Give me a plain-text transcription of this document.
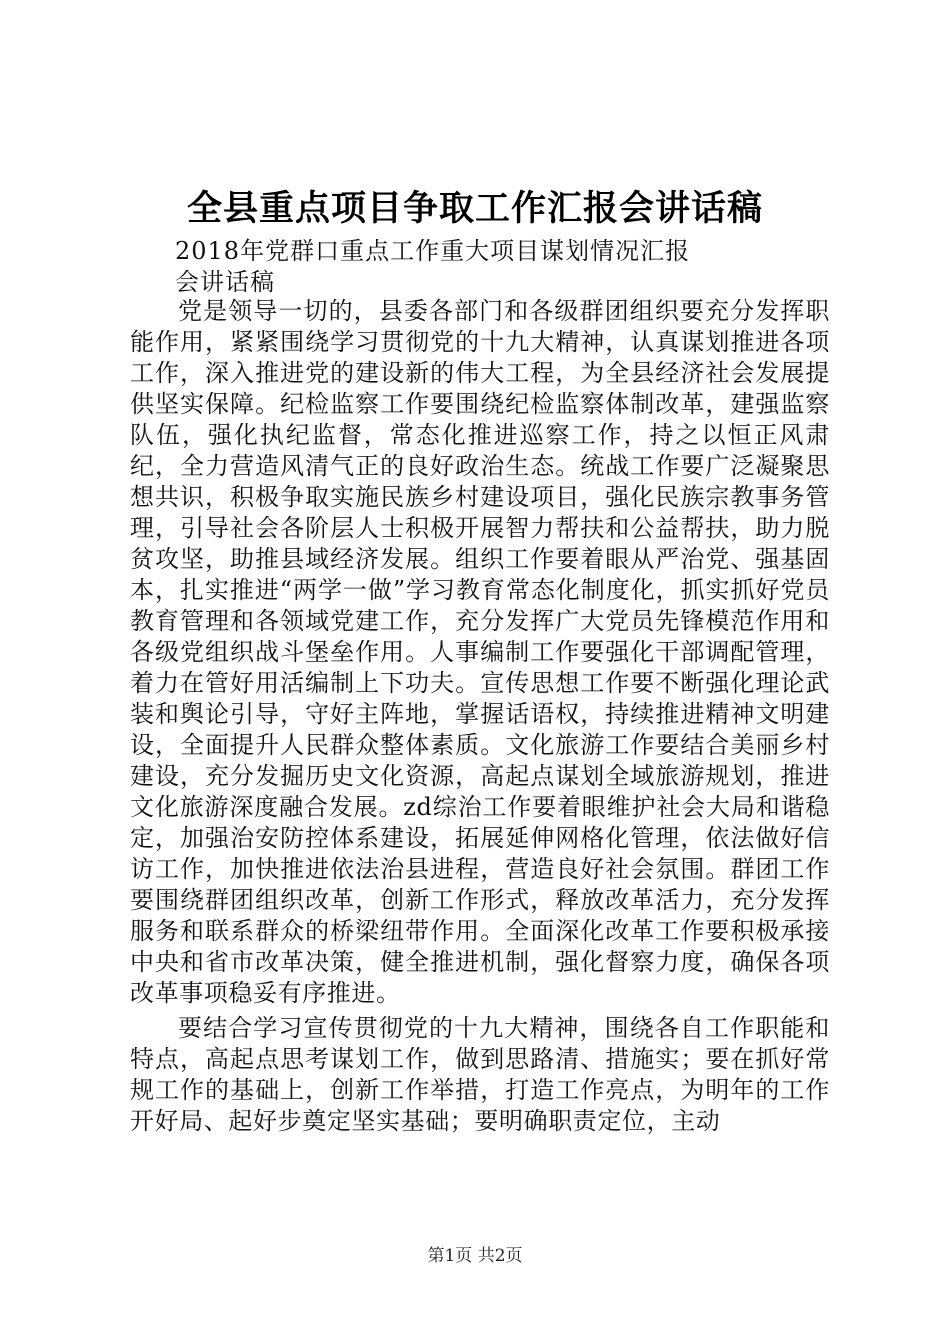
全县重点项目争取工作汇报会讲话稿
2018年党群口重点工作重大项目谋划情况汇报会讲话稿

党是领导一切的，县委各部门和各级群团组织要充分发挥职能作用，紧紧围绕学习贯彻党的十九大精神，认真谋划推进各项工作，深入推进党的建设新的伟大工程，为全县经济社会发展提供坚实保障。纪检监察工作要围绕纪检监察体制改革，建强监察队伍，强化执纪监督，常态化推进巡察工作，持之以恒正风肃纪，全力营造风清气正的良好政治生态。统战工作要广泛凝聚思想共识，积极争取实施民族乡村建设项目，强化民族宗教事务管理，引导社会各阶层人士积极开展智力帮扶和公益帮扶，助力脱贫攻坚，助推县域经济发展。组织工作要着眼从严治党、强基固本，扎实推进“两学一做”学习教育常态化制度化，抓实抓好党员教育管理和各领域党建工作，充分发挥广大党员先锋模范作用和各级党组织战斗堡垒作用。人事编制工作要强化干部调配管理，着力在管好用活编制上下功夫。宣传思想工作要不断强化理论武装和舆论引导，守好主阵地，掌握话语权，持续推进精神文明建设，全面提升人民群众整体素质。文化旅游工作要结合美丽乡村建设，充分发掘历史文化资源，高起点谋划全域旅游规划，推进文化旅游深度融合发展。zd综治工作要着眼维护社会大局和谐稳定，加强治安防控体系建设，拓展延伸网格化管理，依法做好信访工作，加快推进依法治县进程，营造良好社会氛围。群团工作要围绕群团组织改革，创新工作形式，释放改革活力，充分发挥服务和联系群众的桥梁纽带作用。全面深化改革工作要积极承接中央和省市改革决策，健全推进机制，强化督察力度，确保各项改革事项稳妥有序推进。

要结合学习宣传贯彻党的十九大精神，围绕各自工作职能和特点，高起点思考谋划工作，做到思路清、措施实；要在抓好常规工作的基础上，创新工作举措，打造工作亮点，为明年的工作开好局、起好步奠定坚实基础；要明确职责定位，主动

第1页 共2页
